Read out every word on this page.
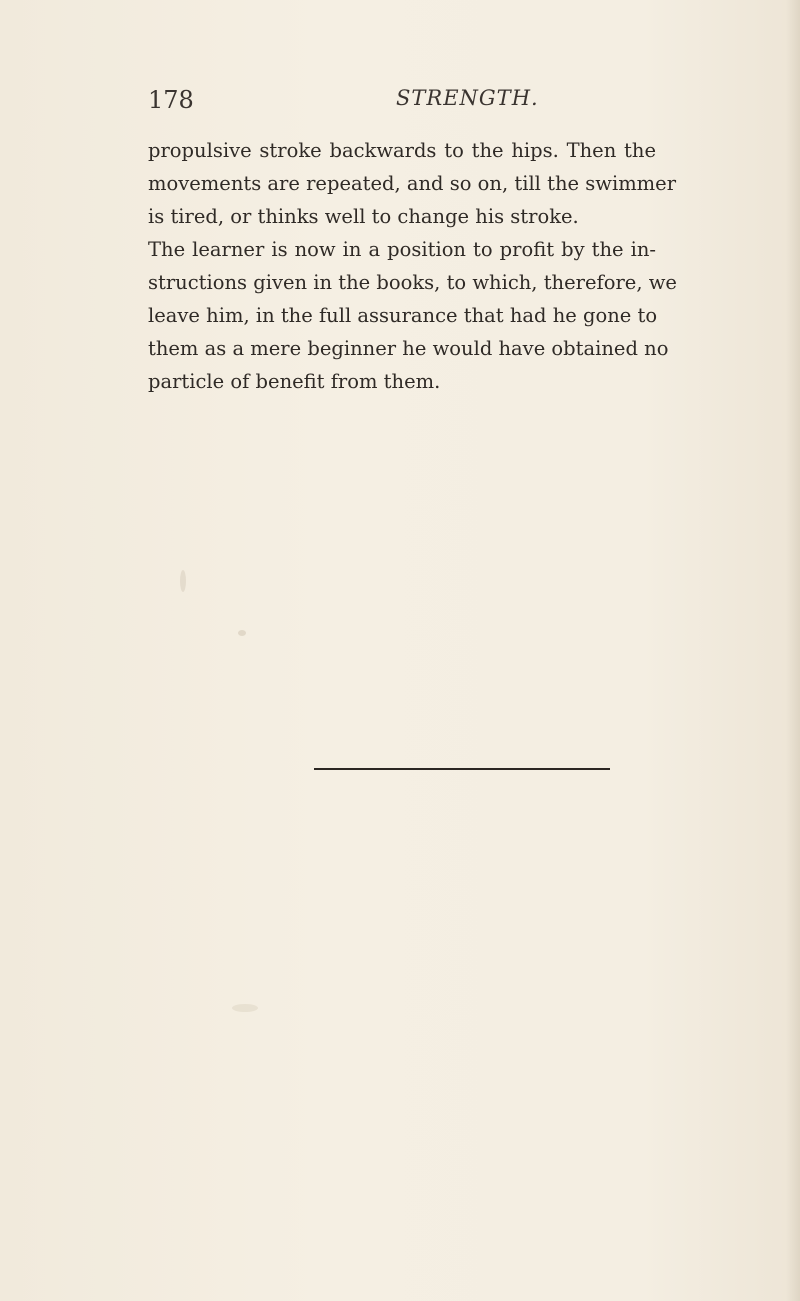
178	STRENGTH.
propulsive stroke backwards to the hips. Then the
movements are repeated, and so on, till the swimmer
is tired, or thinks well to change his stroke.
The learner is now in a position to profit by the in-
structions given in the books, to which, therefore, we
leave him, in the full assurance that had he gone to
them as a mere beginner he would have obtained no
particle of benefit from them.
